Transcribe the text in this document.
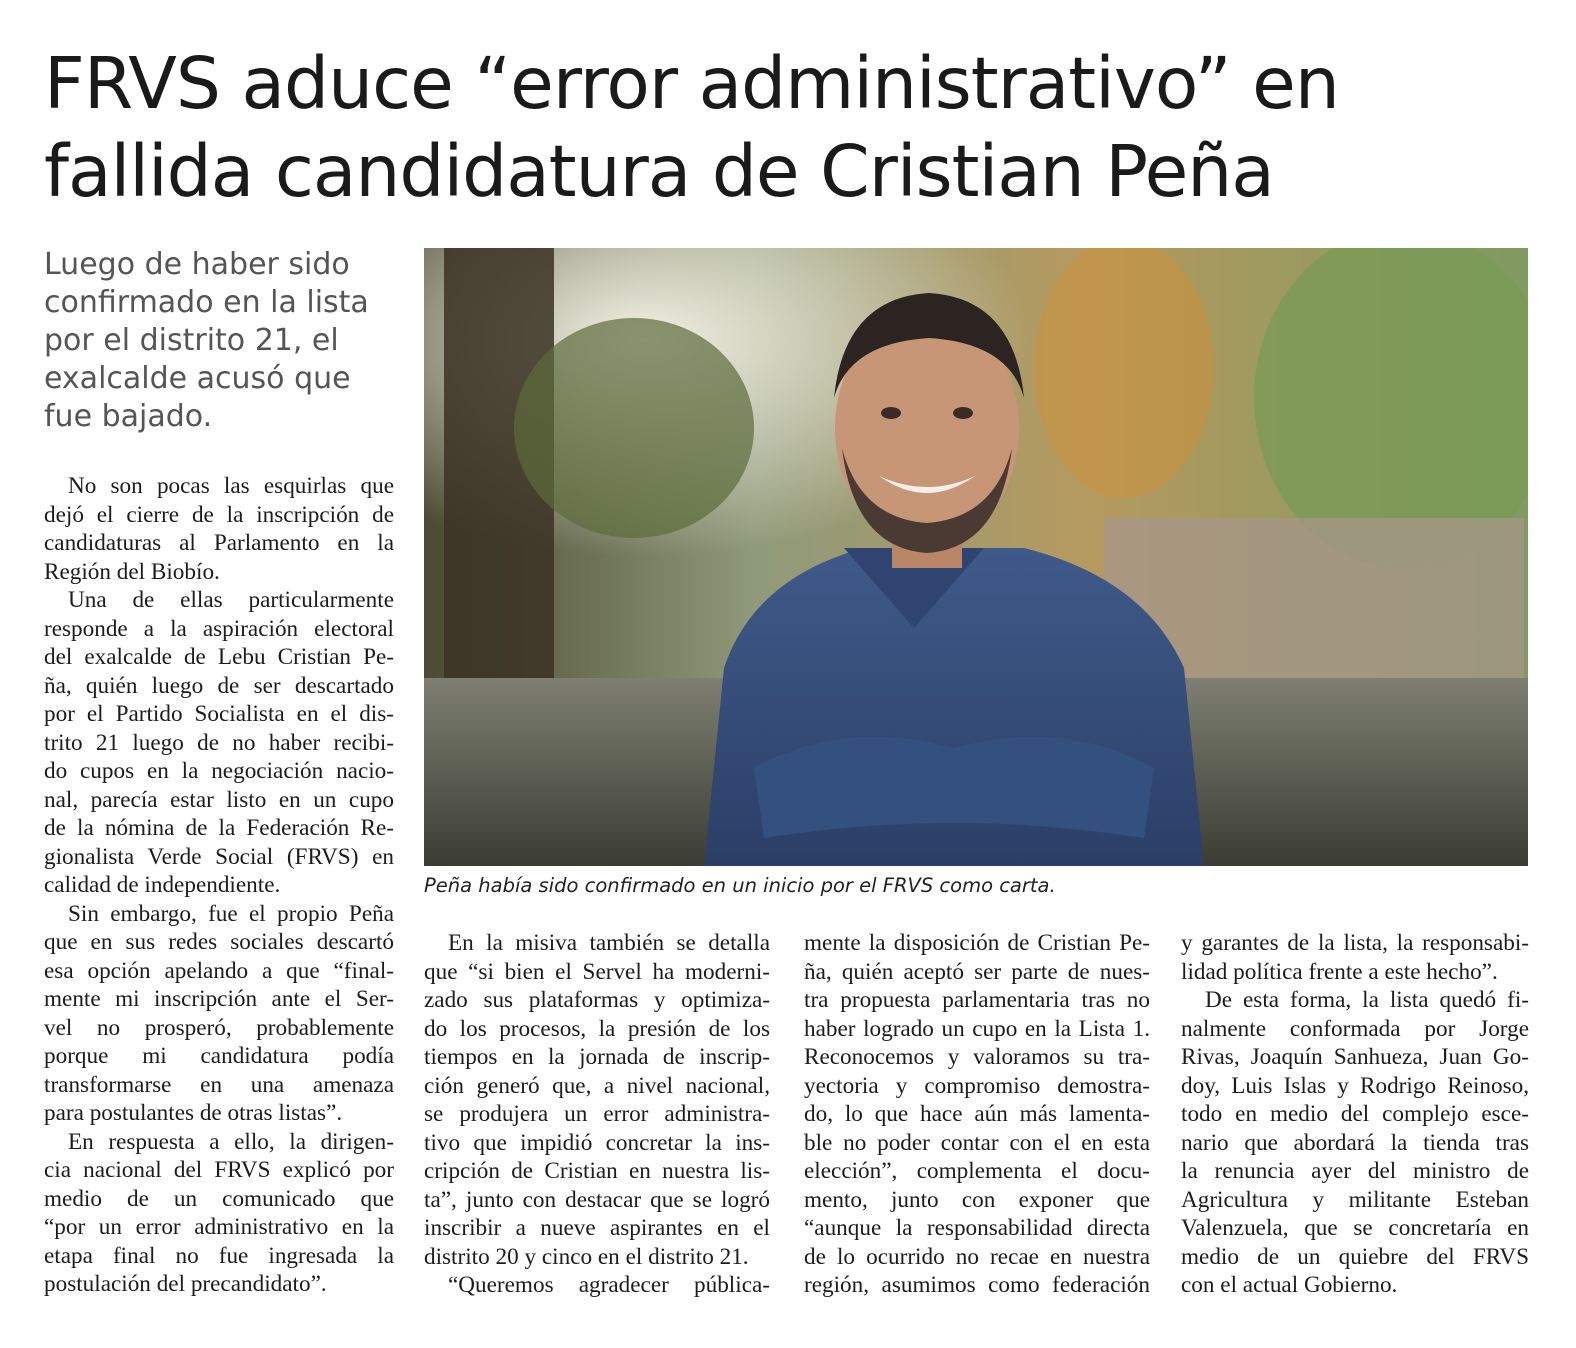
FRVS aduce “error administrativo” en
fallida candidatura de Cristian Peña

Luego de haber sido
confirmado en la lista
por el distrito 21, el
exalcalde acusó que
fue bajado.

Peña había sido confirmado en un inicio por el FRVS como carta.

No son pocas las esquirlas que
dejó el cierre de la inscripción de
candidaturas al Parlamento en la
Región del Biobío.
Una de ellas particularmente
responde a la aspiración electoral
del exalcalde de Lebu Cristian Pe-
ña, quién luego de ser descartado
por el Partido Socialista en el dis-
trito 21 luego de no haber recibi-
do cupos en la negociación nacio-
nal, parecía estar listo en un cupo
de la nómina de la Federación Re-
gionalista Verde Social (FRVS) en
calidad de independiente.
Sin embargo, fue el propio Peña
que en sus redes sociales descartó
esa opción apelando a que “final-
mente mi inscripción ante el Ser-
vel no prosperó, probablemente
porque mi candidatura podía
transformarse en una amenaza
para postulantes de otras listas”.
En respuesta a ello, la dirigen-
cia nacional del FRVS explicó por
medio de un comunicado que
“por un error administrativo en la
etapa final no fue ingresada la
postulación del precandidato”.
En la misiva también se detalla
que “si bien el Servel ha moderni-
zado sus plataformas y optimiza-
do los procesos, la presión de los
tiempos en la jornada de inscrip-
ción generó que, a nivel nacional,
se produjera un error administra-
tivo que impidió concretar la ins-
cripción de Cristian en nuestra lis-
ta”, junto con destacar que se logró
inscribir a nueve aspirantes en el
distrito 20 y cinco en el distrito 21.
“Queremos agradecer pública-
mente la disposición de Cristian Pe-
ña, quién aceptó ser parte de nues-
tra propuesta parlamentaria tras no
haber logrado un cupo en la Lista 1.
Reconocemos y valoramos su tra-
yectoria y compromiso demostra-
do, lo que hace aún más lamenta-
ble no poder contar con el en esta
elección”, complementa el docu-
mento, junto con exponer que
“aunque la responsabilidad directa
de lo ocurrido no recae en nuestra
región, asumimos como federación
y garantes de la lista, la responsabi-
lidad política frente a este hecho”.
De esta forma, la lista quedó fi-
nalmente conformada por Jorge
Rivas, Joaquín Sanhueza, Juan Go-
doy, Luis Islas y Rodrigo Reinoso,
todo en medio del complejo esce-
nario que abordará la tienda tras
la renuncia ayer del ministro de
Agricultura y militante Esteban
Valenzuela, que se concretaría en
medio de un quiebre del FRVS
con el actual Gobierno.
